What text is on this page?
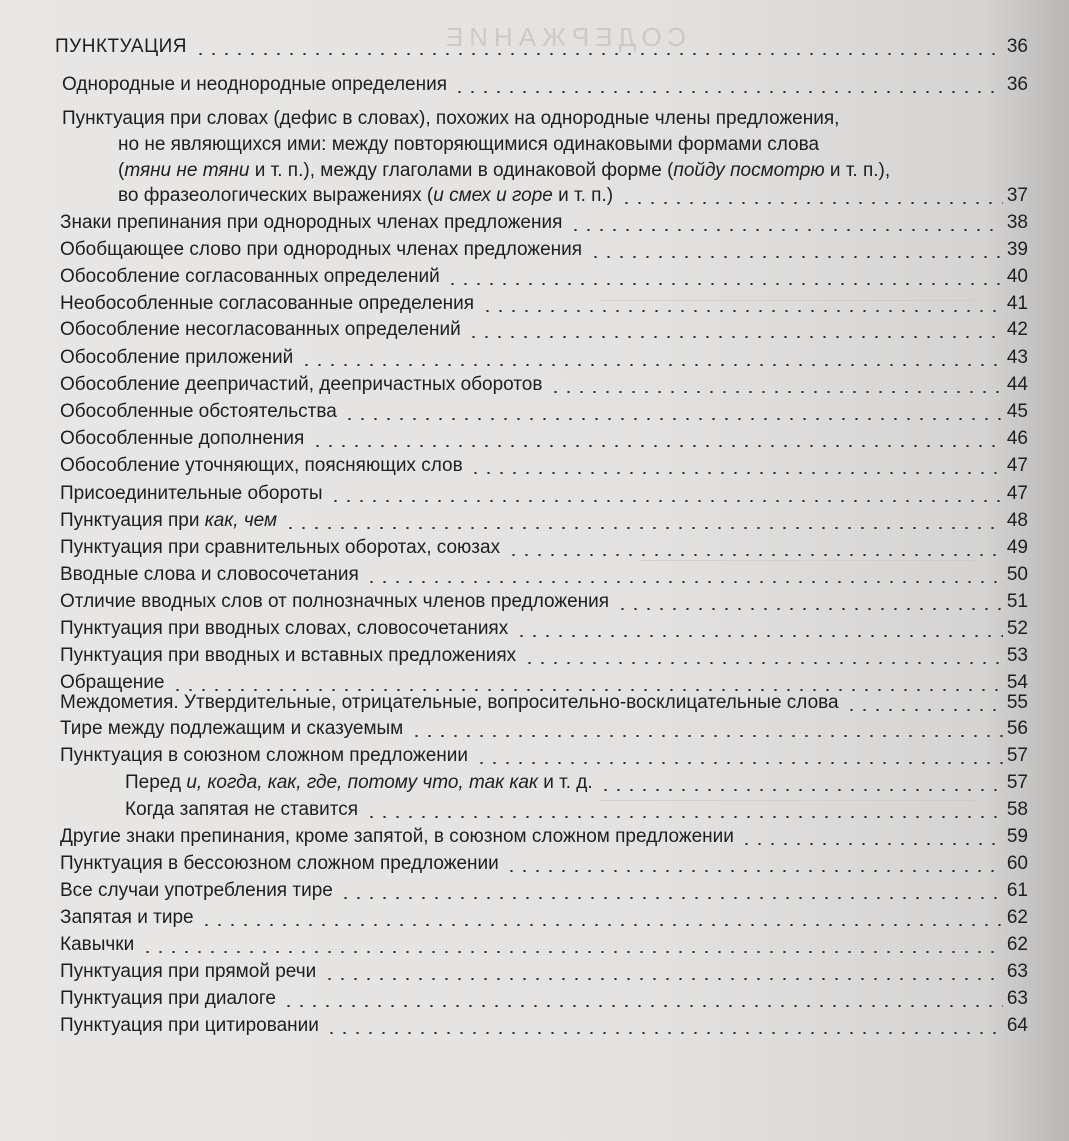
СОДЕРЖАНИЕ
ПУНКТУАЦИЯ	36
Однородные и неоднородные определения	36
Пунктуация при словах (дефис в словах), похожих на однородные члены предложения,
но не являющихся ими: между повторяющимися одинаковыми формами слова
(тяни не тяни и т. п.), между глаголами в одинаковой форме (пойду посмотрю и т. п.),
во фразеологических выражениях (и смех и горе и т. п.)	37
Знаки препинания при однородных членах предложения	38
Обобщающее слово при однородных членах предложения	39
Обособление согласованных определений	40
Необособленные согласованные определения	41
Обособление несогласованных определений	42
Обособление приложений	43
Обособление деепричастий, деепричастных оборотов	44
Обособленные обстоятельства	45
Обособленные дополнения	46
Обособление уточняющих, поясняющих слов	47
Присоединительные обороты	47
Пунктуация при как, чем	48
Пунктуация при сравнительных оборотах, союзах	49
Вводные слова и словосочетания	50
Отличие вводных слов от полнозначных членов предложения	51
Пунктуация при вводных словах, словосочетаниях	52
Пунктуация при вводных и вставных предложениях	53
Обращение	54
Междометия. Утвердительные, отрицательные, вопросительно-восклицательные слова	55
Тире между подлежащим и сказуемым	56
Пунктуация в союзном сложном предложении	57
Перед и, когда, как, где, потому что, так как и т. д.	57
Когда запятая не ставится	58
Другие знаки препинания, кроме запятой, в союзном сложном предложении	59
Пунктуация в бессоюзном сложном предложении	60
Все случаи употребления тире	61
Запятая и тире	62
Кавычки	62
Пунктуация при прямой речи	63
Пунктуация при диалоге	63
Пунктуация при цитировании	64
